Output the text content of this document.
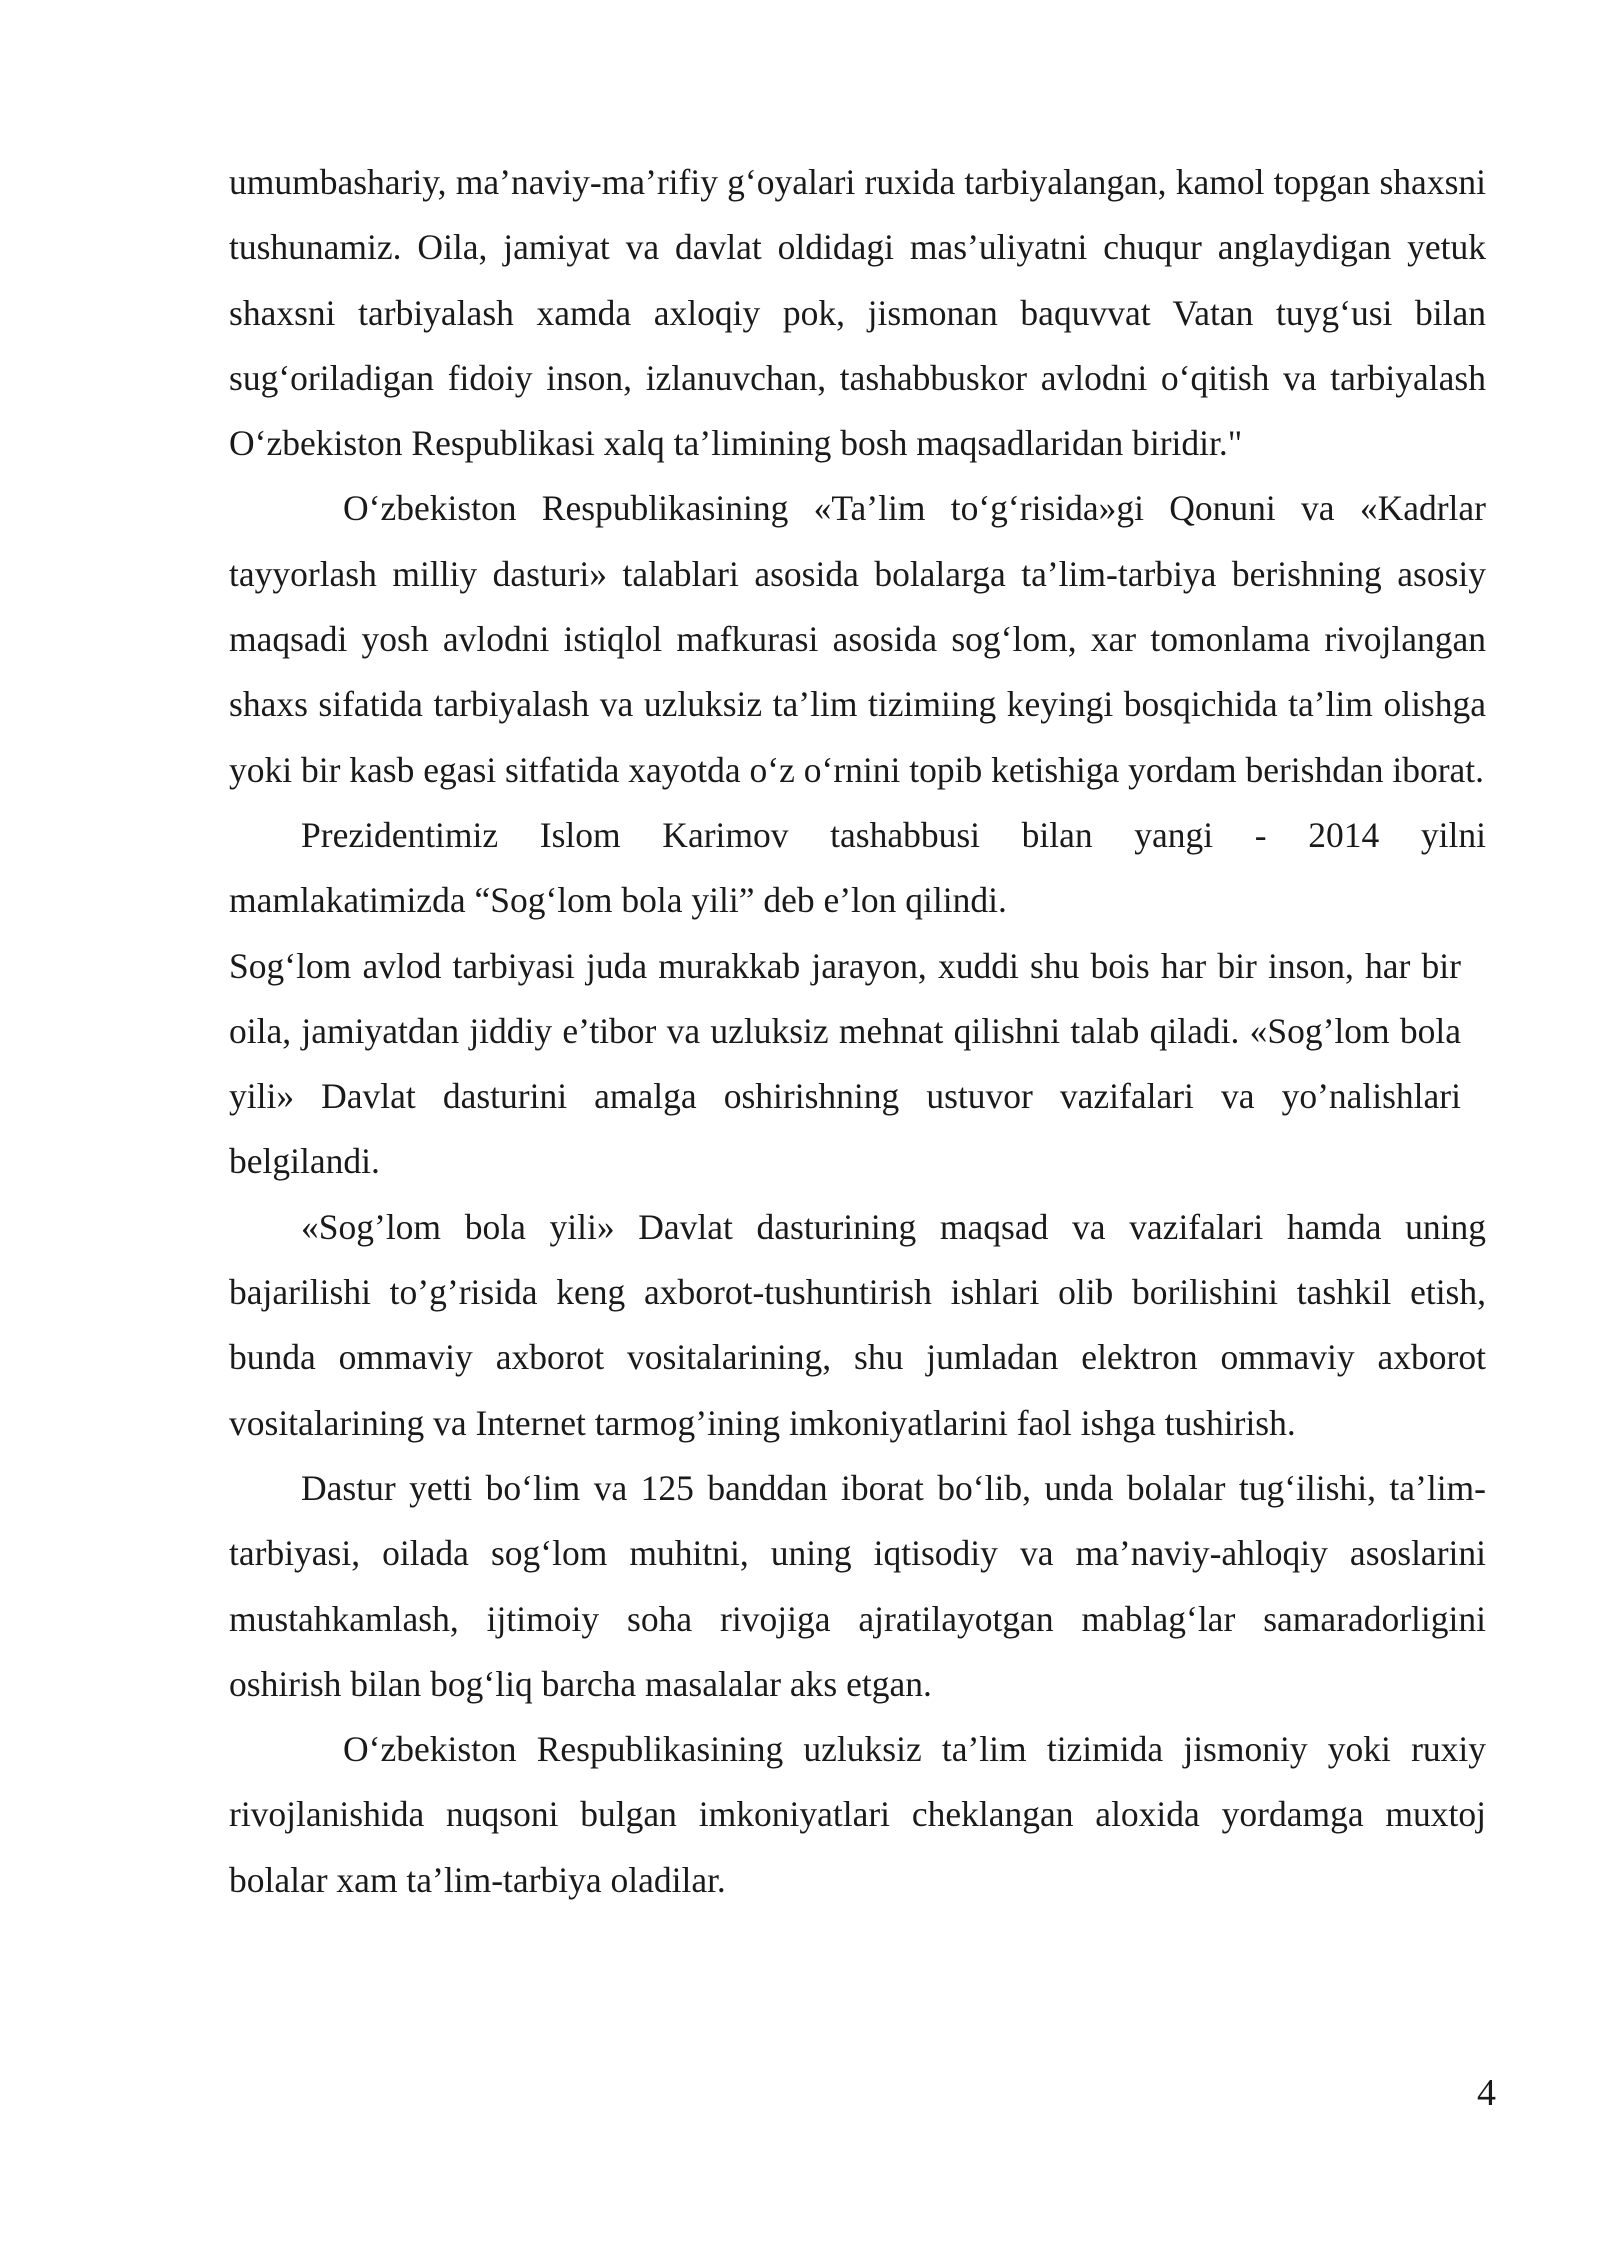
umumbashariy, ma’naviy-ma’rifiy g‘oyalari ruxida tarbiyalangan, kamol topgan shaxsni tushunamiz. Oila, jamiyat va davlat oldidagi mas’uliyatni chuqur anglaydigan yetuk shaxsni tarbiyalash xamda axloqiy pok, jismonan baquvvat Vatan tuyg‘usi bilan sug‘oriladigan fidoiy inson, izlanuvchan, tashabbuskor avlodni o‘qitish va tarbiyalash O‘zbekiston Respublikasi xalq ta’limining bosh maqsadlaridan biridir."

O‘zbekiston Respublikasining «Ta’lim to‘g‘risida»gi Qonuni va «Kadrlar tayyorlash milliy dasturi» talablari asosida bolalarga ta’lim-tarbiya berishning asosiy maqsadi yosh avlodni istiqlol mafkurasi asosida sog‘lom, xar tomonlama rivojlangan shaxs sifatida tarbiyalash va uzluksiz ta’lim tizimiing keyingi bosqichida ta’lim olishga yoki bir kasb egasi sitfatida xayotda o‘z o‘rnini topib ketishiga yordam berishdan iborat.

Prezidentimiz Islom Karimov tashabbusi bilan yangi - 2014 yilni

mamlakatimizda “Sog‘lom bola yili” deb e’lon qilindi.

Sog‘lom avlod tarbiyasi juda murakkab jarayon, xuddi shu bois har bir inson, har bir oila, jamiyatdan jiddiy e’tibor va uzluksiz mehnat qilishni talab qiladi. «Sog’lom bola yili» Davlat dasturini amalga oshirishning ustuvor vazifalari va yo’nalishlari belgilandi.

«Sog’lom bola yili» Davlat dasturining maqsad va vazifalari hamda uning bajarilishi to’g’risida keng axborot-tushuntirish ishlari olib borilishini tashkil etish, bunda ommaviy axborot vositalarining, shu jumladan elektron ommaviy axborot vositalarining va Internet tarmog’ining imkoniyatlarini faol ishga tushirish.

Dastur yetti bo‘lim va 125 banddan iborat bo‘lib, unda bolalar tug‘ilishi, ta’lim-tarbiyasi, oilada sog‘lom muhitni, uning iqtisodiy va ma’naviy-ahloqiy asoslarini mustahkamlash, ijtimoiy soha rivojiga ajratilayotgan mablag‘lar samaradorligini oshirish bilan bog‘liq barcha masalalar aks etgan.

O‘zbekiston Respublikasining uzluksiz ta’lim tizimida jismoniy yoki ruxiy rivojlanishida nuqsoni bulgan imkoniyatlari cheklangan aloxida yordamga muxtoj bolalar xam ta’lim-tarbiya oladilar.

4
